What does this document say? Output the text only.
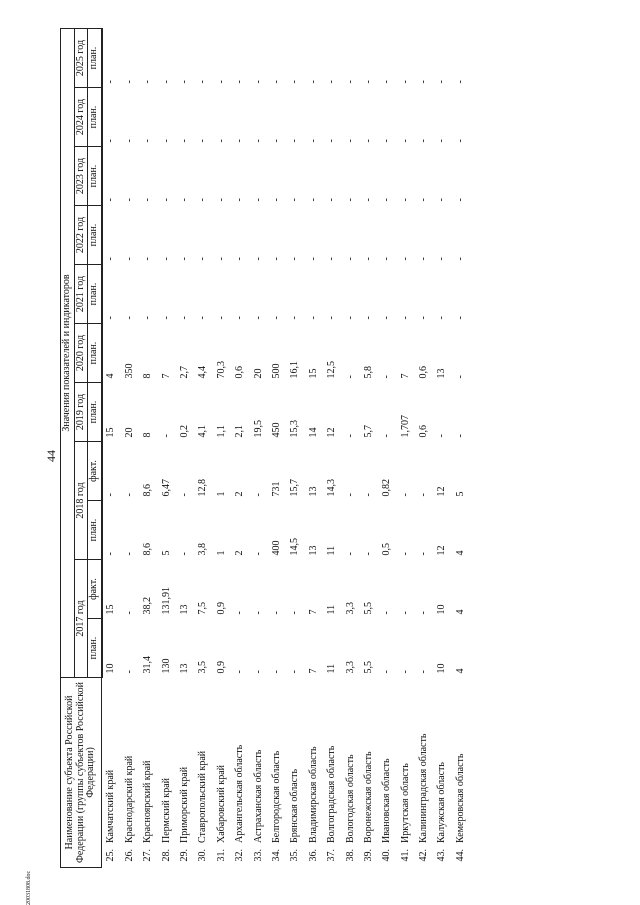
44
20031808.doc
Наименование субъекта Российской Федерации (группы субъектов Российской Федерации)	Значения показателей и индикаторов										
	2017 год		2018 год		2019 год	2020 год	2021 год	2022 год	2023 год	2024 год	2025 год
	план.	факт.	план.	факт.	план.	план.	план.	план.	план.	план.	план.

25.Камчатский край	10	15	-	-	15	4	-	-	-	-	-
26.Краснодарский край	-	-	-	-	20	350	-	-	-	-	-
27.Красноярский край	31,4	38,2	8,6	8,6	8	8	-	-	-	-	-
28.Пермский край	130	131,91	5	6,47	-	7	-	-	-	-	-
29.Приморский край	13	13	-	-	0,2	2,7	-	-	-	-	-
30.Ставропольский край	3,5	7,5	3,8	12,8	4,1	4,4	-	-	-	-	-
31.Хабаровский край	0,9	0,9	1	1	1,1	70,3	-	-	-	-	-
32.Архангельская область	-	-	2	2	2,1	0,6	-	-	-	-	-
33.Астраханская область	-	-	-	-	19,5	20	-	-	-	-	-
34.Белгородская область	-	-	400	731	450	500	-	-	-	-	-
35.Брянская область	-	-	14,5	15,7	15,3	16,1	-	-	-	-	-
36.Владимирская область	7	7	13	13	14	15	-	-	-	-	-
37.Волгоградская область	11	11	11	14,3	12	12,5	-	-	-	-	-
38.Вологодская область	3,3	3,3	-	-	-	-	-	-	-	-	-
39.Воронежская область	5,5	5,5	-	-	5,7	5,8	-	-	-	-	-
40.Ивановская область	-	-	0,5	0,82	-	-	-	-	-	-	-
41.Иркутская область	-	-	-	-	1,707	7	-	-	-	-	-
42.Калининградская область	-	-	-	-	0,6	0,6	-	-	-	-	-
43.Калужская область	10	10	12	12	-	13	-	-	-	-	-
44.Кемеровская область	4	4	4	5	-	-	-	-	-	-	-
